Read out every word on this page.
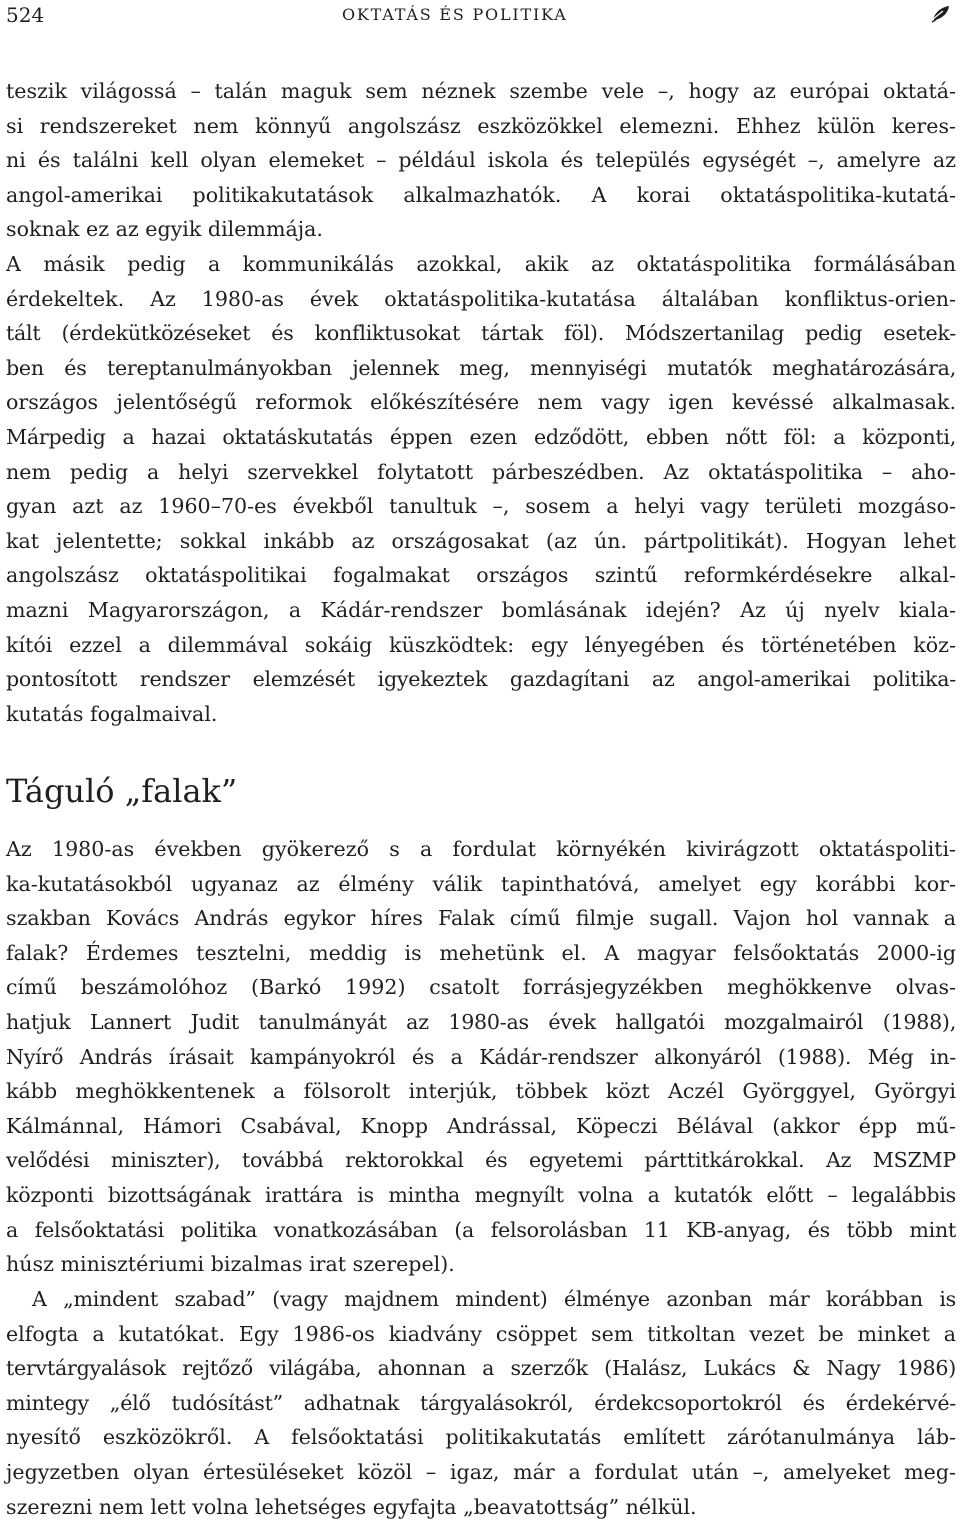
524	OKTATÁS ÉS POLITIKA
teszik világossá – talán maguk sem néznek szembe vele –, hogy az európai oktatá-
si rendszereket nem könnyű angolszász eszközökkel elemezni. Ehhez külön keres-
ni és találni kell olyan elemeket – például iskola és település egységét –, amelyre az
angol-amerikai politikakutatások alkalmazhatók. A korai oktatáspolitika-kutatá-
soknak ez az egyik dilemmája.
A másik pedig a kommunikálás azokkal, akik az oktatáspolitika formálásában
érdekeltek. Az 1980-as évek oktatáspolitika-kutatása általában konfliktus-orien-
tált (érdekütközéseket és konfliktusokat tártak föl). Módszertanilag pedig esetek-
ben és tereptanulmányokban jelennek meg, mennyiségi mutatók meghatározására,
országos jelentőségű reformok előkészítésére nem vagy igen kevéssé alkalmasak.
Márpedig a hazai oktatáskutatás éppen ezen edződött, ebben nőtt föl: a központi,
nem pedig a helyi szervekkel folytatott párbeszédben. Az oktatáspolitika – aho-
gyan azt az 1960–70-es évekből tanultuk –, sosem a helyi vagy területi mozgáso-
kat jelentette; sokkal inkább az országosakat (az ún. pártpolitikát). Hogyan lehet
angolszász oktatáspolitikai fogalmakat országos szintű reformkérdésekre alkal-
mazni Magyarországon, a Kádár-rendszer bomlásának idején? Az új nyelv kiala-
kítói ezzel a dilemmával sokáig küszködtek: egy lényegében és történetében köz-
pontosított rendszer elemzését igyekeztek gazdagítani az angol-amerikai politika-
kutatás fogalmaival.
Táguló „falak”
Az 1980-as években gyökerező s a fordulat környékén kivirágzott oktatáspoliti-
ka-kutatásokból ugyanaz az élmény válik tapinthatóvá, amelyet egy korábbi kor-
szakban Kovács András egykor híres Falak című filmje sugall. Vajon hol vannak a
falak? Érdemes tesztelni, meddig is mehetünk el. A magyar felsőoktatás 2000-ig
című beszámolóhoz (Barkó 1992) csatolt forrásjegyzékben meghökkenve olvas-
hatjuk Lannert Judit tanulmányát az 1980-as évek hallgatói mozgalmairól (1988),
Nyírő András írásait kampányokról és a Kádár-rendszer alkonyáról (1988). Még in-
kább meghökkentenek a fölsorolt interjúk, többek közt Aczél Györggyel, Györgyi
Kálmánnal, Hámori Csabával, Knopp Andrással, Köpeczi Bélával (akkor épp mű-
velődési miniszter), továbbá rektorokkal és egyetemi párttitkárokkal. Az MSZMP
központi bizottságának irattára is mintha megnyílt volna a kutatók előtt – legalábbis
a felsőoktatási politika vonatkozásában (a felsorolásban 11 KB-anyag, és több mint
húsz minisztériumi bizalmas irat szerepel).
A „mindent szabad” (vagy majdnem mindent) élménye azonban már korábban is
elfogta a kutatókat. Egy 1986-os kiadvány csöppet sem titkoltan vezet be minket a
tervtárgyalások rejtőző világába, ahonnan a szerzők (Halász, Lukács & Nagy 1986)
mintegy „élő tudósítást” adhatnak tárgyalásokról, érdekcsoportokról és érdekérvé-
nyesítő eszközökről. A felsőoktatási politikakutatás említett zárótanulmánya láb-
jegyzetben olyan értesüléseket közöl – igaz, már a fordulat után –, amelyeket meg-
szerezni nem lett volna lehetséges egyfajta „beavatottság” nélkül.
